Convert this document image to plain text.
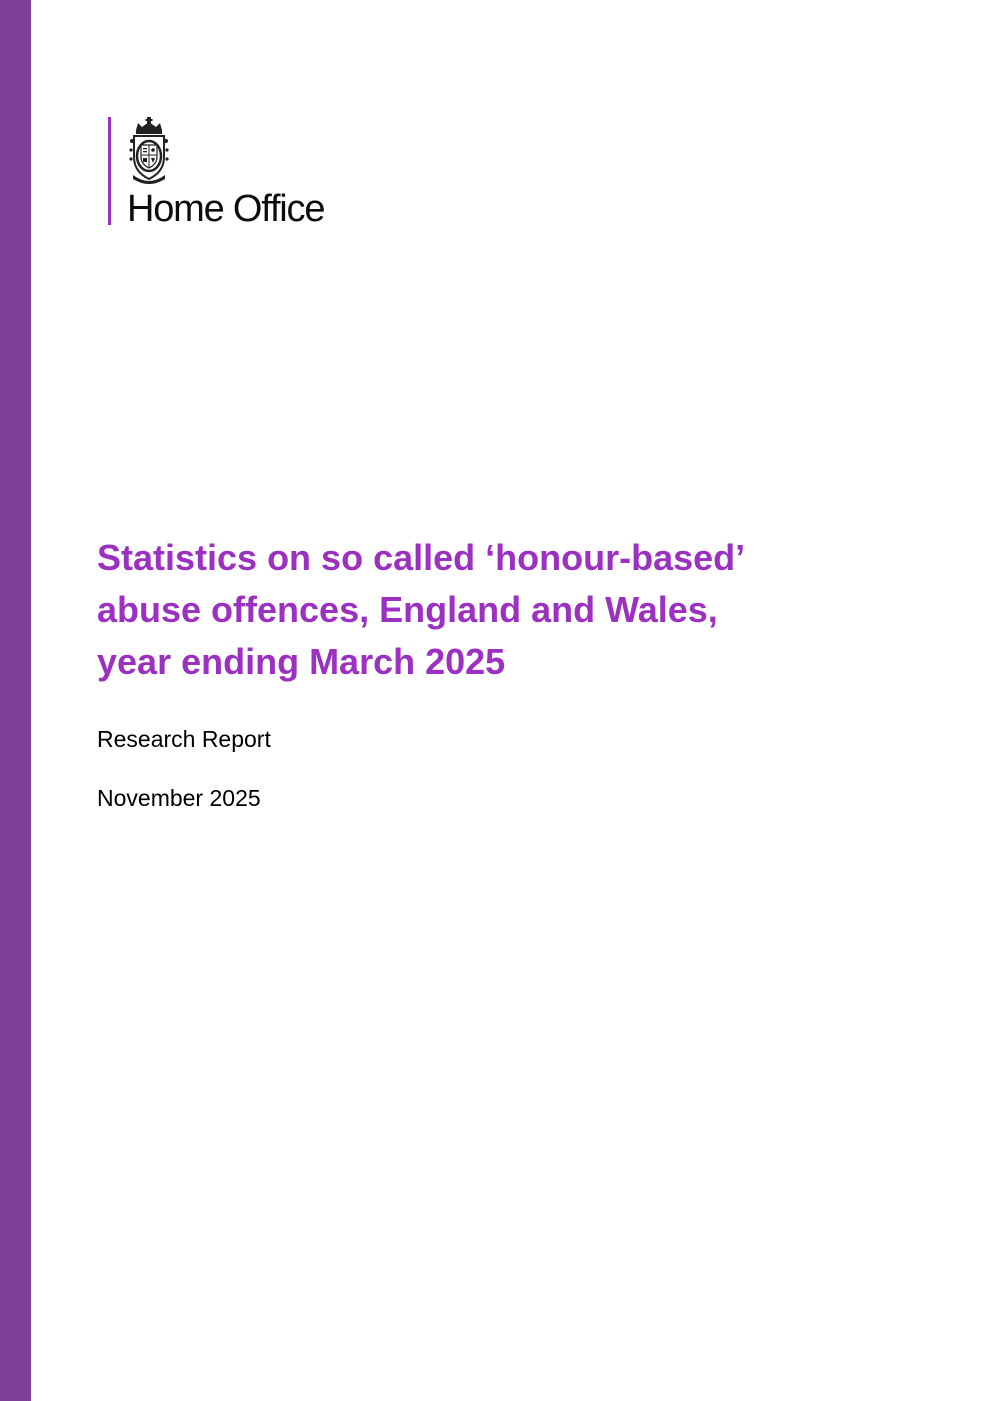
Home Office
Statistics on so called ‘honour-based’
abuse offences, England and Wales,
year ending March 2025
Research Report
November 2025
